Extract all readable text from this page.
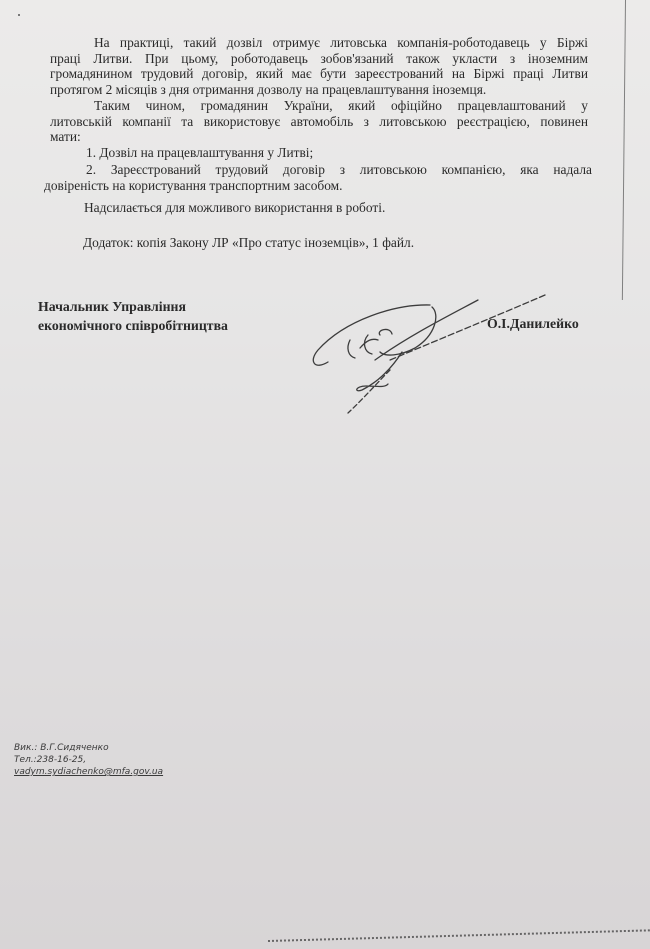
На практиці, такий дозвіл отримує литовська компанія-роботодавець у Біржі
праці Литви. При цьому, роботодавець зобов'язаний також укласти з іноземним
громадянином трудовий договір, який має бути зареєстрований на Біржі праці Литви
протягом 2 місяців з дня отримання дозволу на працевлаштування іноземця.
Таким чином, громадянин України, який офіційно працевлаштований у
литовській компанії та використовує автомобіль з литовською реєстрацією, повинен
мати:
1. Дозвіл на працевлаштування у Литві;
2. Зареєстрований трудовий договір з литовською компанією, яка надала
довіреність на користування транспортним засобом.
Надсилається для можливого використання в роботі.
Додаток: копія Закону ЛР «Про статус іноземців», 1 файл.
Начальник Управління
економічного співробітництва	О.І.Данилейко
Вик.: В.Г.Сидяченко
Тел.:238-16-25,
vadym.sydiachenko@mfa.gov.ua
